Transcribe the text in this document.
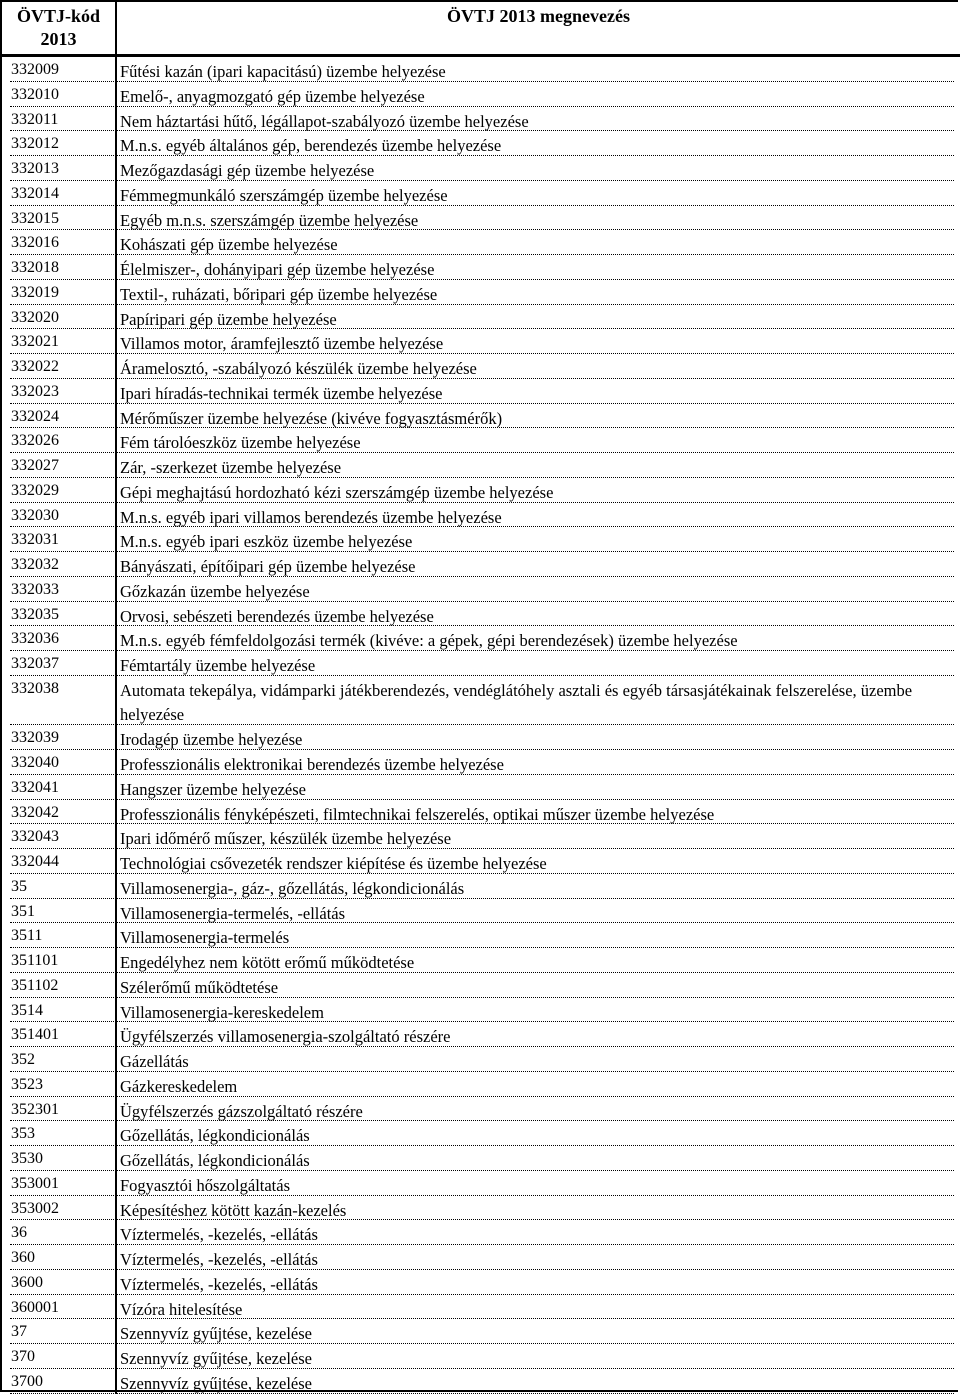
ÖVTJ-kód
2013
ÖVTJ 2013 megnevezés
332009	Fűtési kazán (ipari kapacitású) üzembe helyezése
332010	Emelő-, anyagmozgató gép üzembe helyezése
332011	Nem háztartási hűtő, légállapot-szabályozó üzembe helyezése
332012	M.n.s. egyéb általános gép, berendezés üzembe helyezése
332013	Mezőgazdasági gép üzembe helyezése
332014	Fémmegmunkáló szerszámgép üzembe helyezése
332015	Egyéb m.n.s. szerszámgép üzembe helyezése
332016	Kohászati gép üzembe helyezése
332018	Élelmiszer-, dohányipari gép üzembe helyezése
332019	Textil-, ruházati, bőripari gép üzembe helyezése
332020	Papíripari gép üzembe helyezése
332021	Villamos motor, áramfejlesztő üzembe helyezése
332022	Áramelosztó, -szabályozó készülék üzembe helyezése
332023	Ipari híradás-technikai termék üzembe helyezése
332024	Mérőműszer üzembe helyezése (kivéve fogyasztásmérők)
332026	Fém tárolóeszköz üzembe helyezése
332027	Zár, -szerkezet üzembe helyezése
332029	Gépi meghajtású hordozható kézi szerszámgép üzembe helyezése
332030	M.n.s. egyéb ipari villamos berendezés üzembe helyezése
332031	M.n.s. egyéb ipari eszköz üzembe helyezése
332032	Bányászati, építőipari gép üzembe helyezése
332033	Gőzkazán üzembe helyezése
332035	Orvosi, sebészeti berendezés üzembe helyezése
332036	M.n.s. egyéb fémfeldolgozási termék (kivéve: a gépek, gépi berendezések) üzembe helyezése
332037	Fémtartály üzembe helyezése
332038	Automata tekepálya, vidámparki játékberendezés, vendéglátóhely asztali és egyéb társasjátékainak felszerelése, üzembe helyezése
332039	Irodagép üzembe helyezése
332040	Professzionális elektronikai berendezés üzembe helyezése
332041	Hangszer üzembe helyezése
332042	Professzionális fényképészeti, filmtechnikai felszerelés, optikai műszer üzembe helyezése
332043	Ipari időmérő műszer, készülék üzembe helyezése
332044	Technológiai csővezeték rendszer kiépítése és üzembe helyezése
35	Villamosenergia-, gáz-, gőzellátás, légkondicionálás
351	Villamosenergia-termelés, -ellátás
3511	Villamosenergia-termelés
351101	Engedélyhez nem kötött erőmű működtetése
351102	Szélerőmű működtetése
3514	Villamosenergia-kereskedelem
351401	Ügyfélszerzés villamosenergia-szolgáltató részére
352	Gázellátás
3523	Gázkereskedelem
352301	Ügyfélszerzés gázszolgáltató részére
353	Gőzellátás, légkondicionálás
3530	Gőzellátás, légkondicionálás
353001	Fogyasztói hőszolgáltatás
353002	Képesítéshez kötött kazán-kezelés
36	Víztermelés, -kezelés, -ellátás
360	Víztermelés, -kezelés, -ellátás
3600	Víztermelés, -kezelés, -ellátás
360001	Vízóra hitelesítése
37	Szennyvíz gyűjtése, kezelése
370	Szennyvíz gyűjtése, kezelése
3700	Szennyvíz gyűjtése, kezelése
